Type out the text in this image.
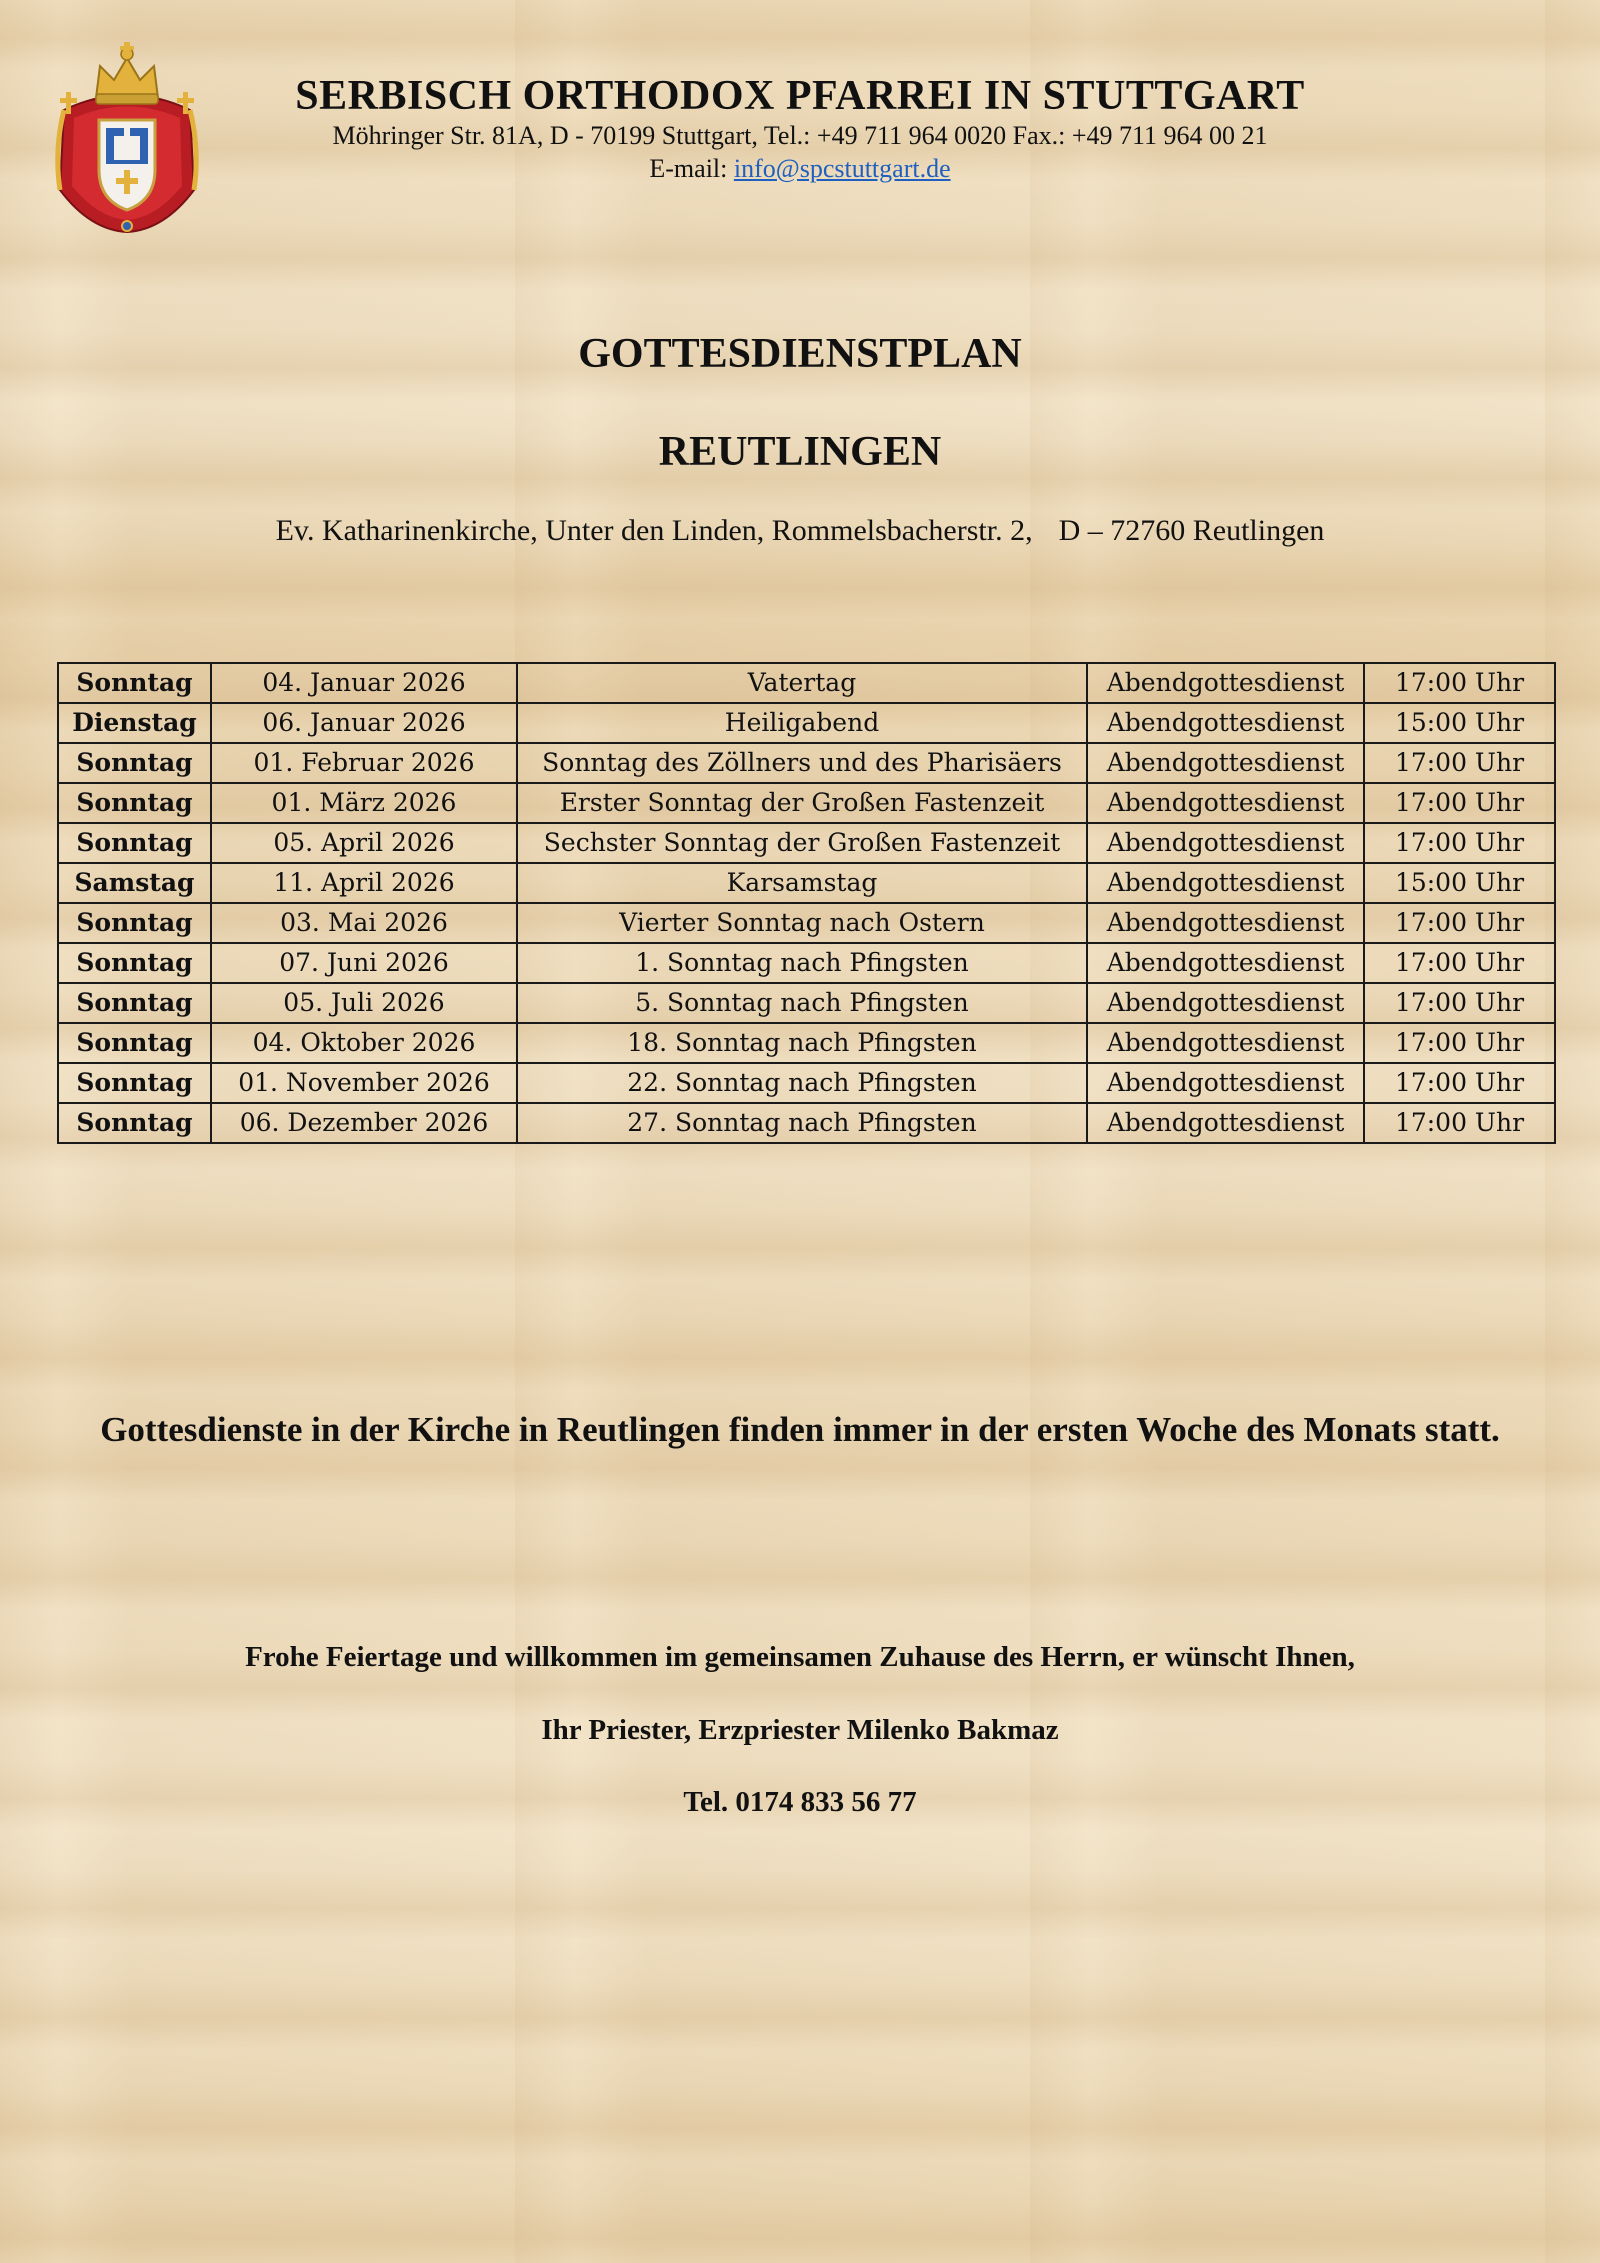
SERBISCH ORTHODOX PFARREI IN STUTTGART
Möhringer Str. 81A, D - 70199 Stuttgart, Tel.: +49 711 964 0020 Fax.: +49 711 964 00 21
E-mail: info@spcstuttgart.de
GOTTESDIENSTPLAN
REUTLINGEN
Ev. Katharinenkirche, Unter den Linden, Rommelsbacherstr. 2, D – 72760 Reutlingen
Sonntag	04. Januar 2026	Vatertag	Abendgottesdienst	17:00 Uhr
Dienstag	06. Januar 2026	Heiligabend	Abendgottesdienst	15:00 Uhr
Sonntag	01. Februar 2026	Sonntag des Zöllners und des Pharisäers	Abendgottesdienst	17:00 Uhr
Sonntag	01. März 2026	Erster Sonntag der Großen Fastenzeit	Abendgottesdienst	17:00 Uhr
Sonntag	05. April 2026	Sechster Sonntag der Großen Fastenzeit	Abendgottesdienst	17:00 Uhr
Samstag	11. April 2026	Karsamstag	Abendgottesdienst	15:00 Uhr
Sonntag	03. Mai 2026	Vierter Sonntag nach Ostern	Abendgottesdienst	17:00 Uhr
Sonntag	07. Juni 2026	1. Sonntag nach Pfingsten	Abendgottesdienst	17:00 Uhr
Sonntag	05. Juli 2026	5. Sonntag nach Pfingsten	Abendgottesdienst	17:00 Uhr
Sonntag	04. Oktober 2026	18. Sonntag nach Pfingsten	Abendgottesdienst	17:00 Uhr
Sonntag	01. November 2026	22. Sonntag nach Pfingsten	Abendgottesdienst	17:00 Uhr
Sonntag	06. Dezember 2026	27. Sonntag nach Pfingsten	Abendgottesdienst	17:00 Uhr
Gottesdienste in der Kirche in Reutlingen finden immer in der ersten Woche des Monats statt.
Frohe Feiertage und willkommen im gemeinsamen Zuhause des Herrn, er wünscht Ihnen,
Ihr Priester, Erzpriester Milenko Bakmaz
Tel. 0174 833 56 77
